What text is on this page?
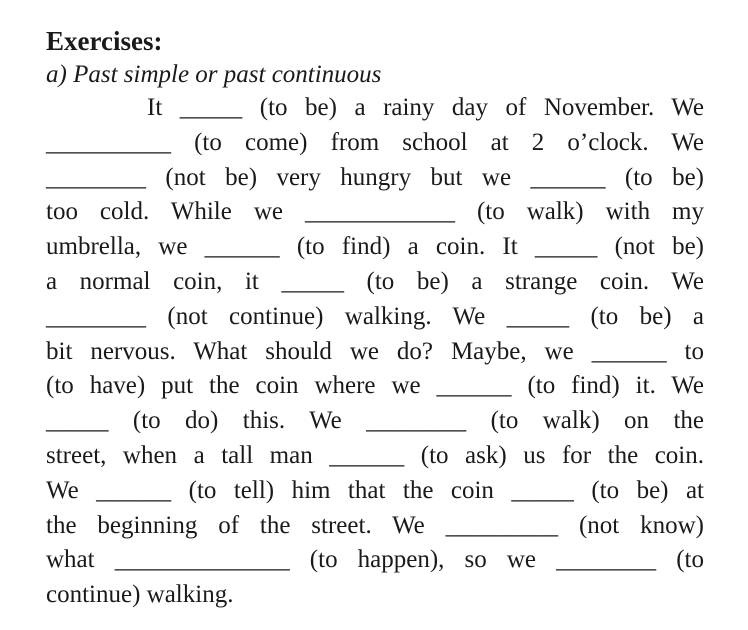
Exercises:
a) Past simple or past continuous
It _____ (to be) a rainy day of November. We
__________ (to come) from school at 2 o’clock. We
________ (not be) very hungry but we ______ (to be)
too cold. While we ____________ (to walk) with my
umbrella, we ______ (to find) a coin. It _____ (not be)
a normal coin, it _____ (to be) a strange coin. We
________ (not continue) walking. We _____ (to be) a
bit nervous. What should we do? Maybe, we ______ to
(to have) put the coin where we ______ (to find) it. We
_____ (to do) this. We ________ (to walk) on the
street, when a tall man ______ (to ask) us for the coin.
We ______ (to tell) him that the coin _____ (to be) at
the beginning of the street. We _________ (not know)
what ______________ (to happen), so we ________ (to
continue) walking.
